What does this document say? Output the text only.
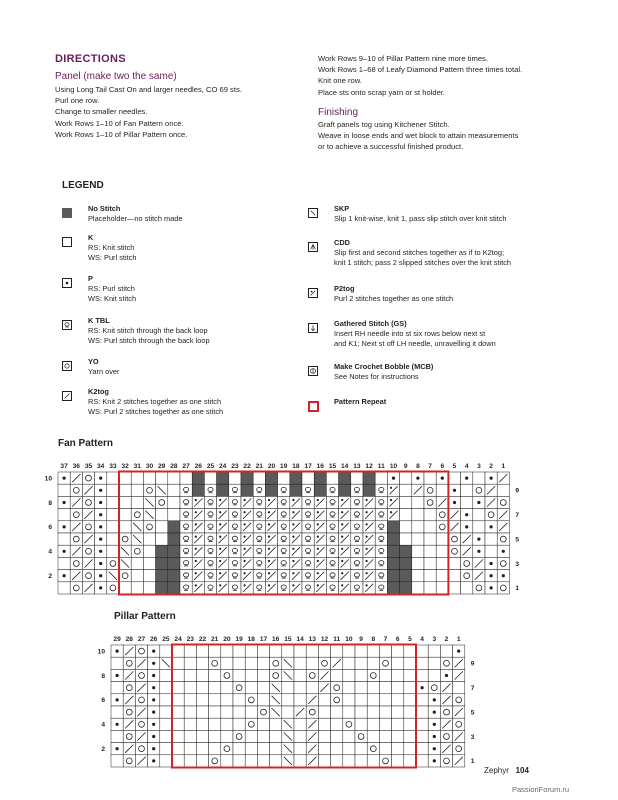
DIRECTIONS
Panel (make two the same)
Using Long Tail Cast On and larger needles, CO 69 sts.
Purl one row.
Change to smaller needles.
Work Rows 1–10 of Fan Pattern once.
Work Rows 1–10 of Pillar Pattern once.
Work Rows 9–10 of Pillar Pattern nine more times.
Work Rows 1–68 of Leafy Diamond Pattern three times total.
Knit one row.
Place sts onto scrap yarn or st holder.
Finishing
Graft panels tog using Kitchener Stitch.
Weave in loose ends and wet block to attain measurements
or to achieve a successful finished product.
LEGEND
Fan Pattern
37 36 35 34 33 32 31 30 29 28 27 26 25 24 23 22 21 20 19 18 17 16 15 14 13 12 11 10 9 8 7 6 5 4 3 2 1
10
8
6
4
2
9
7
5
3
1
Pillar Pattern
29 28 27 26 25 24 23 22 21 20 19 18 17 16 15 14 13 12 11 10 9 8 7 6 5 4 3 2 1
10
8
6
4
2
9
7
5
3
1
Zephyr 104
PassionForum.ru
No Stitch
Placeholder—no stitch made
K
RS: Knit stitch
WS: Purl stitch
P
RS: Purl stitch
WS: Knit stitch
K TBL
RS: Knit stitch through the back loop
WS: Purl stitch through the back loop
YO
Yarn over
K2tog
RS: Knit 2 stitches together as one stitch
WS: Purl 2 stitches together as one stitch
SKP
Slip 1 knit-wise, knit 1, pass slip stitch over knit stitch
CDD
Slip first and second stitches together as if to K2tog;
knit 1 stitch; pass 2 slipped stitches over the knit stitch
P2tog
Purl 2 stitches together as one stitch
Gathered Stitch (GS)
Insert RH needle into st six rows below next st
and K1; Next st off LH needle, unravelling it down
Make Crochet Bobble (MCB)
See Notes for instructions
Pattern Repeat
